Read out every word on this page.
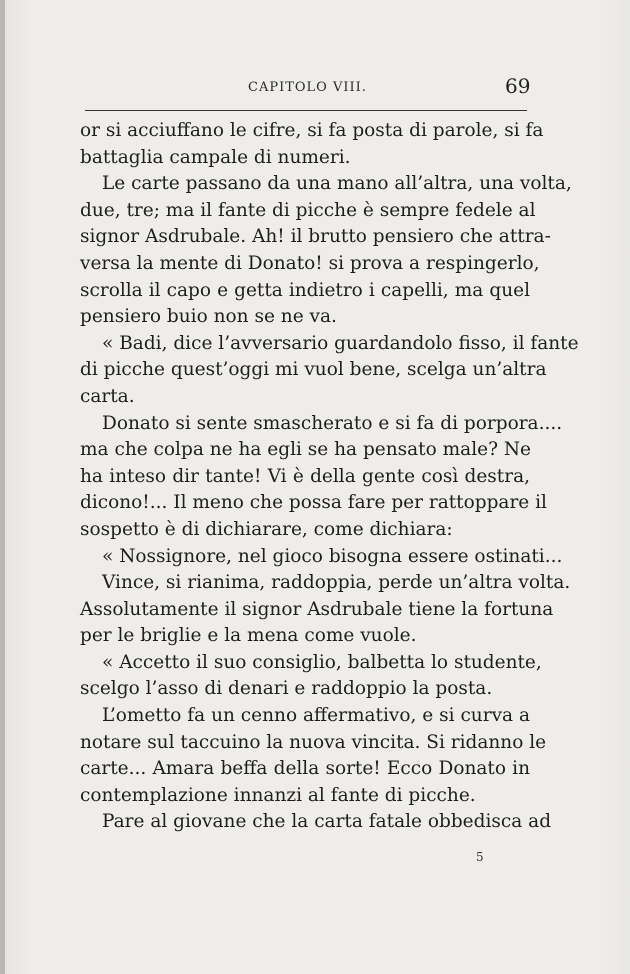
CAPITOLO VIII.	69
or si acciuffano le cifre, si fa posta di parole, si fa
battaglia campale di numeri.
Le carte passano da una mano all’altra, una volta,
due, tre; ma il fante di picche è sempre fedele al
signor Asdrubale. Ah! il brutto pensiero che attra-
versa la mente di Donato! si prova a respingerlo,
scrolla il capo e getta indietro i capelli, ma quel
pensiero buio non se ne va.
« Badi, dice l’avversario guardandolo fisso, il fante
di picche quest’oggi mi vuol bene, scelga un’altra
carta.
Donato si sente smascherato e si fa di porpora....
ma che colpa ne ha egli se ha pensato male? Ne
ha inteso dir tante! Vi è della gente così destra,
dicono!... Il meno che possa fare per rattoppare il
sospetto è di dichiarare, come dichiara:
« Nossignore, nel gioco bisogna essere ostinati...
Vince, si rianima, raddoppia, perde un’altra volta.
Assolutamente il signor Asdrubale tiene la fortuna
per le briglie e la mena come vuole.
« Accetto il suo consiglio, balbetta lo studente,
scelgo l’asso di denari e raddoppio la posta.
L’ometto fa un cenno affermativo, e si curva a
notare sul taccuino la nuova vincita. Si ridanno le
carte... Amara beffa della sorte! Ecco Donato in
contemplazione innanzi al fante di picche.
Pare al giovane che la carta fatale obbedisca ad
5
